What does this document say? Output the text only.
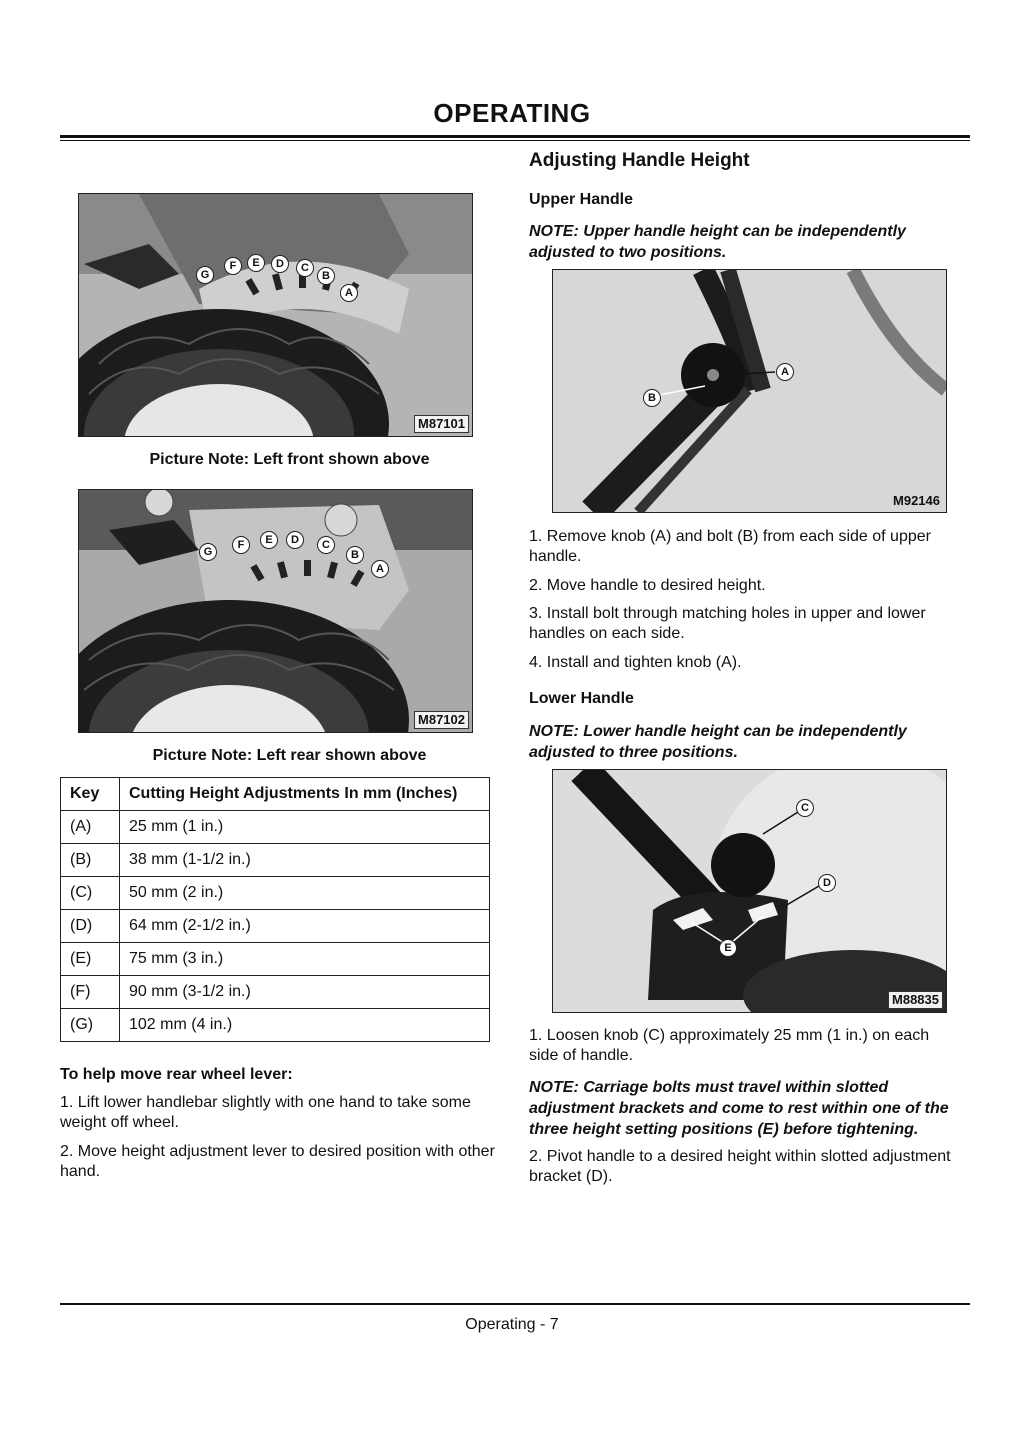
OPERATING
G
F	E	D	C
B
A
M87101
Picture Note: Left front shown above
G
F	E	D	C
B
A
M87102
Picture Note: Left rear shown above
Key	Cutting Height Adjustments In mm (Inches)
(A)	25 mm (1 in.)
(B)	38 mm (1-1/2 in.)
(C)	50 mm (2 in.)
(D)	64 mm (2-1/2 in.)
(E)	75 mm (3 in.)
(F)	90 mm (3-1/2 in.)
(G)	102 mm (4 in.)
To help move rear wheel lever:
1. Lift lower handlebar slightly with one hand to take some weight off wheel.
2. Move height adjustment lever to desired position with other hand.
Adjusting Handle Height
Upper Handle
NOTE: Upper handle height can be independently adjusted to two positions.
A
B
M92146
1. Remove knob (A) and bolt (B) from each side of upper handle.
2. Move handle to desired height.
3. Install bolt through matching holes in upper and lower handles on each side.
4. Install and tighten knob (A).
Lower Handle
NOTE: Lower handle height can be independently adjusted to three positions.
C
D
E
M88835
1. Loosen knob (C) approximately 25 mm (1 in.) on each side of handle.
NOTE: Carriage bolts must travel within slotted adjustment brackets and come to rest within one of the three height setting positions (E) before tightening.
2. Pivot handle to a desired height within slotted adjustment bracket (D).
Operating - 7
